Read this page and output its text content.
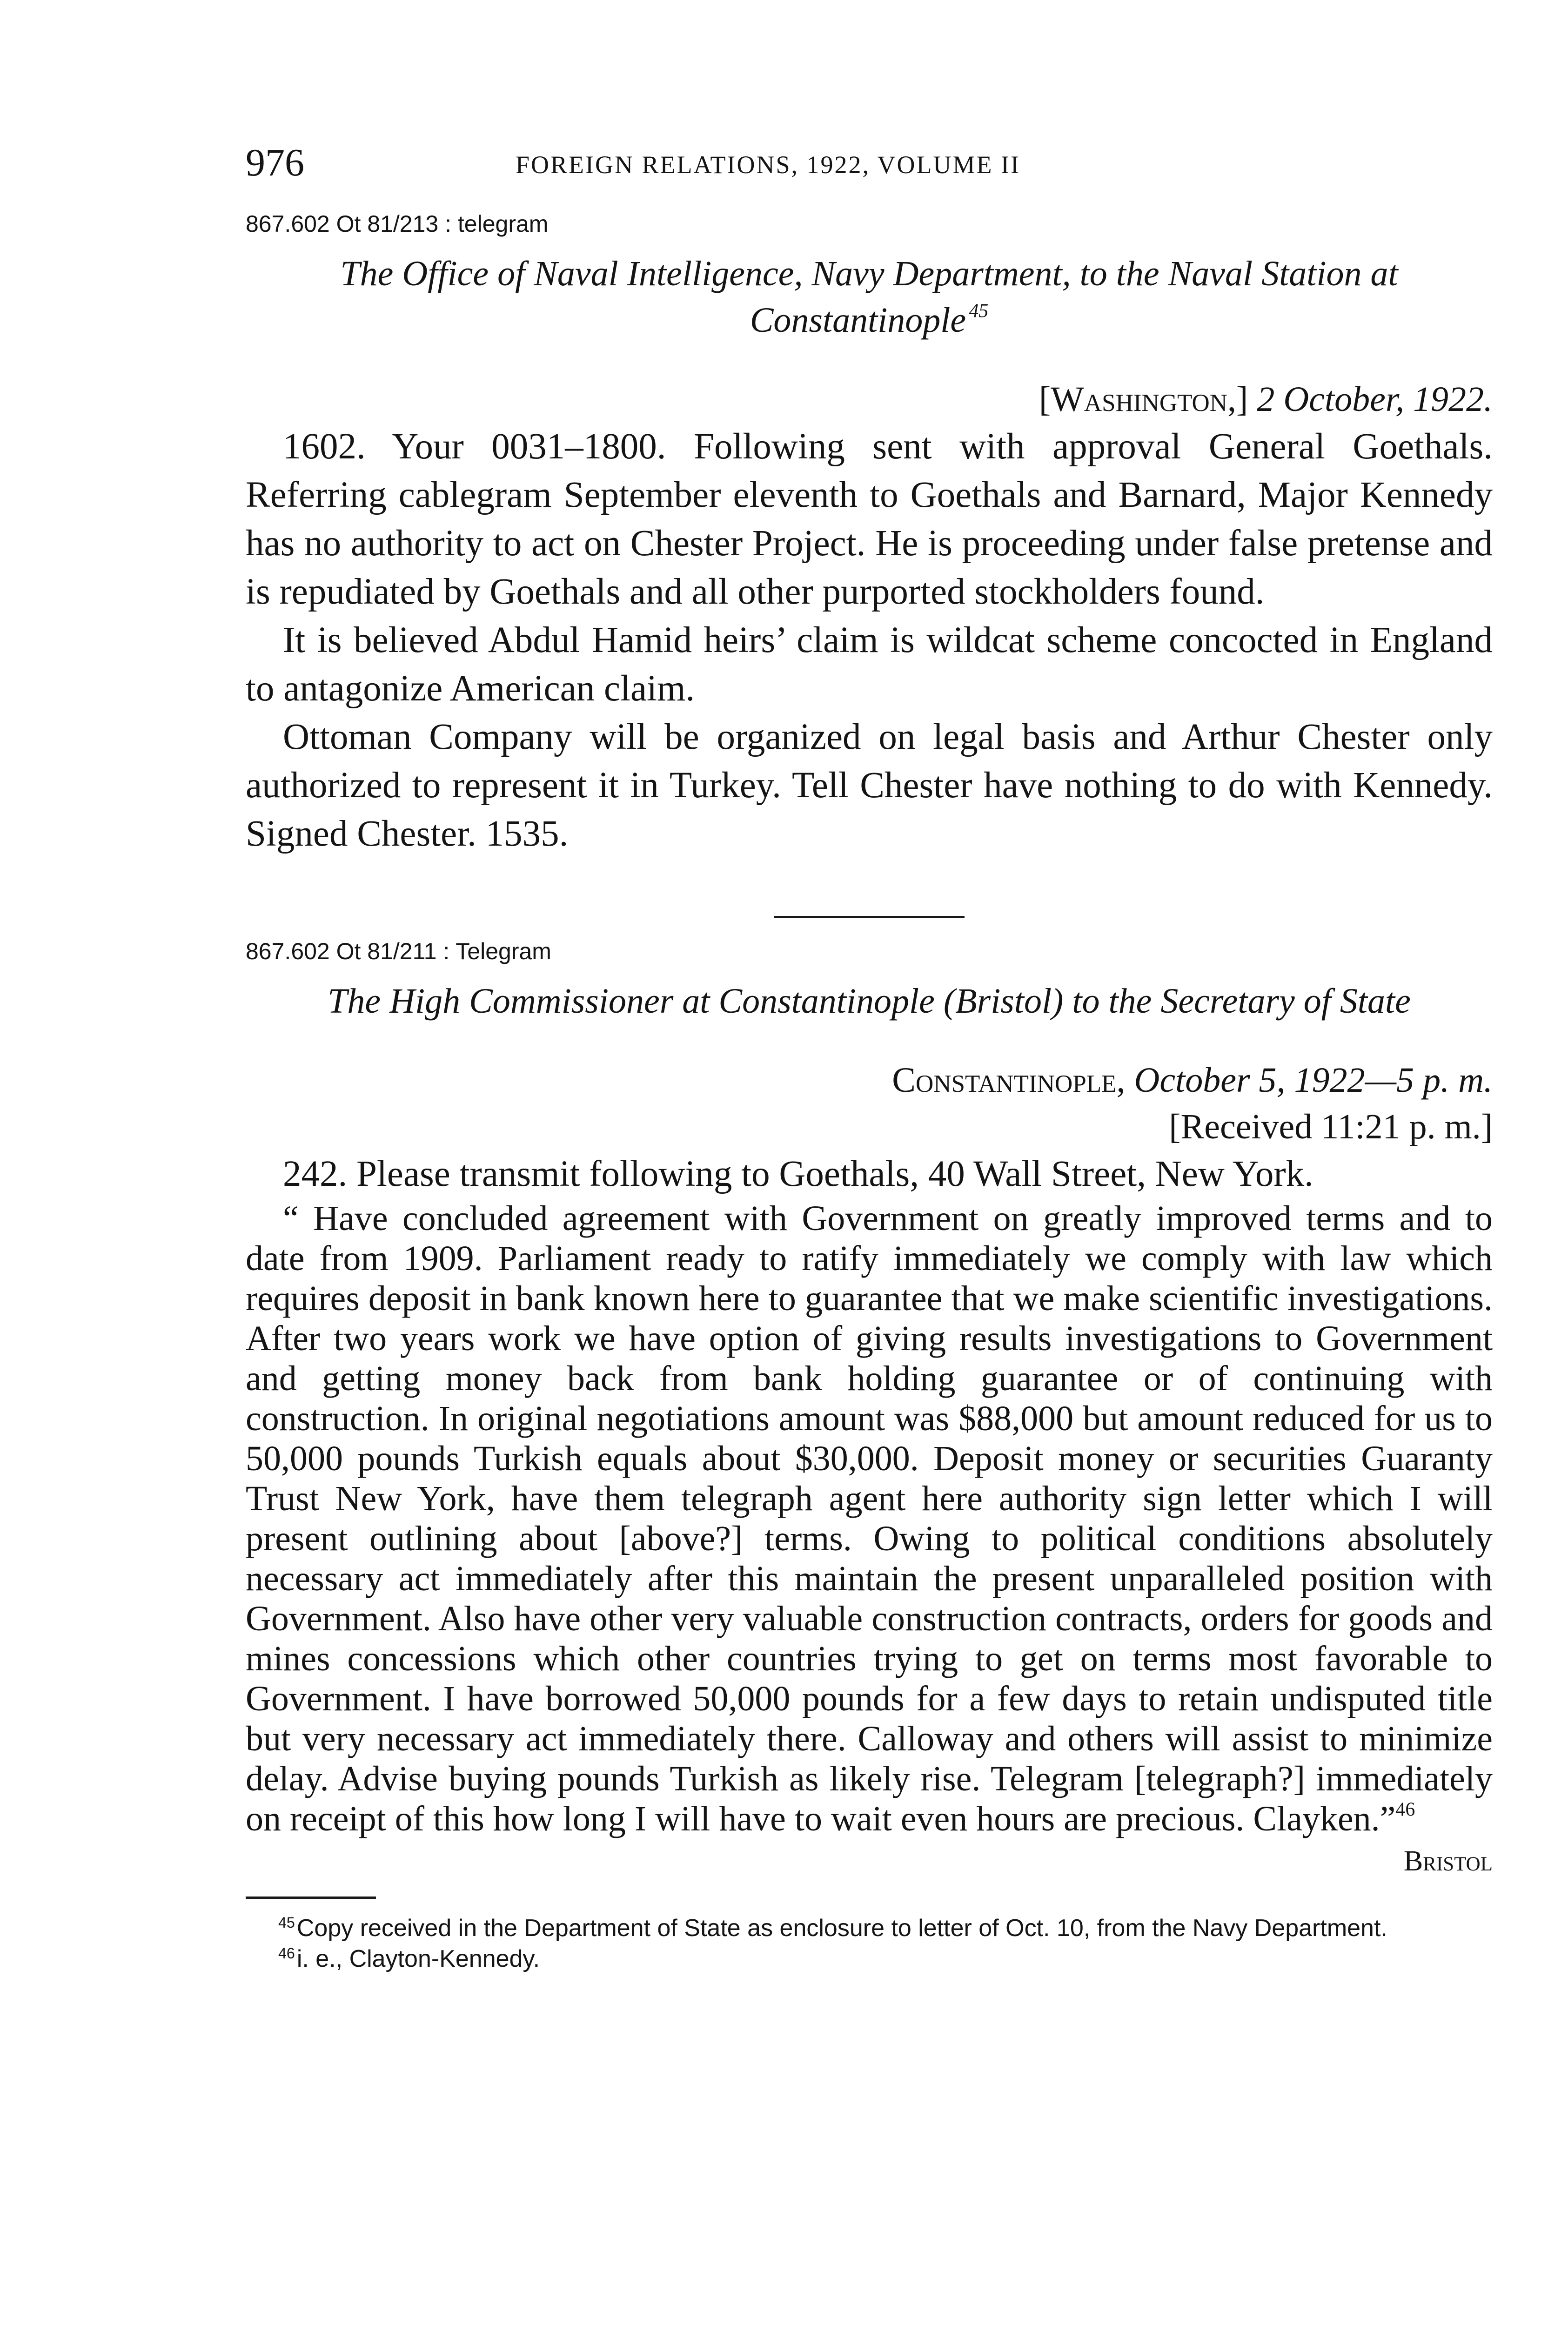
976	FOREIGN RELATIONS, 1922, VOLUME II
867.602 Ot 81/213 : telegram
The Office of Naval Intelligence, Navy Department, to the Naval Station at Constantinople  $^{45}$
[Washington,] 2 October, 1922.

1602. Your 0031–1800. Following sent with approval General Goethals. Referring cablegram September eleventh to Goethals and Barnard, Major Kennedy has no authority to act on Chester Project. He is proceeding under false pretense and is repudiated by Goethals and all other purported stockholders found.

It is believed Abdul Hamid heirs’ claim is wildcat scheme concocted in England to antagonize American claim.

Ottoman Company will be organized on legal basis and Arthur Chester only authorized to represent it in Turkey. Tell Chester have nothing to do with Kennedy. Signed Chester. 1535.

867.602 Ot 81/211 : Telegram
The High Commissioner at Constantinople (Bristol) to the Secretary of State
Constantinople, October 5, 1922—5 p. m.
[Received 11:21 p. m.]

242. Please transmit following to Goethals, 40 Wall Street, New York.

“ Have concluded agreement with Government on greatly improved terms and to date from 1909. Parliament ready to ratify immediately we comply with law which requires deposit in bank known here to guarantee that we make scientific investigations. After two years work we have option of giving results investigations to Government and getting money back from bank holding guarantee or of continuing with construction. In original negotiations amount was $88,000 but amount reduced for us to 50,000 pounds Turkish equals about $30,000. Deposit money or securities Guaranty Trust New York, have them telegraph agent here authority sign letter which I will present outlining about [above?] terms. Owing to political conditions absolutely necessary act immediately after this maintain the present unparalleled position with Government. Also have other very valuable construction contracts, orders for goods and mines concessions which other countries trying to get on terms most favorable to Government. I have borrowed 50,000 pounds for a few days to retain undisputed title but very necessary act immediately there. Calloway and others will assist to minimize delay. Advise buying pounds Turkish as likely rise. Telegram [telegraph?] immediately on receipt of this how long I will have to wait even hours are precious. Clayken.”$^{46}$

Bristol

$^{45}$Copy received in the Department of State as enclosure to letter of Oct. 10, from the Navy Department.

$^{46}$i. e., Clayton-Kennedy.
